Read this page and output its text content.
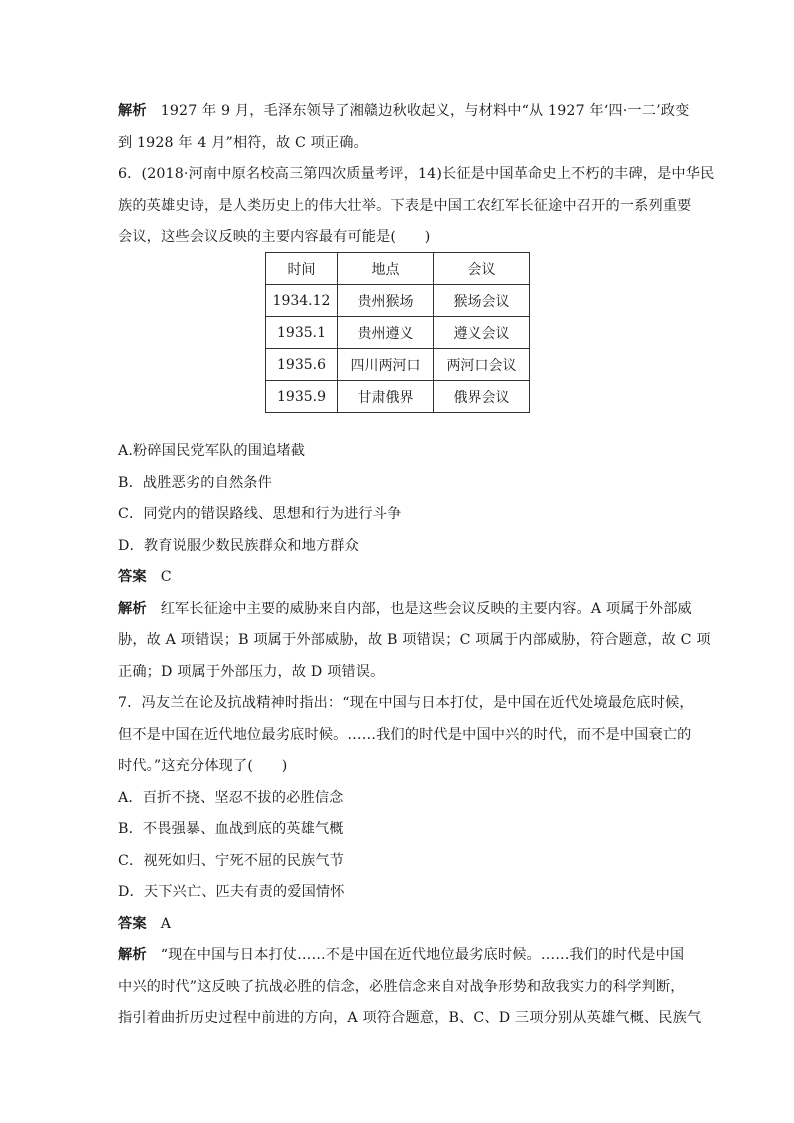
解析 1927 年 9 月，毛泽东领导了湘赣边秋收起义，与材料中“从 1927 年‘四·一二’政变
到 1928 年 4 月”相符，故 C 项正确。
6．(2018·河南中原名校高三第四次质量考评，14)长征是中国革命史上不朽的丰碑，是中华民
族的英雄史诗，是人类历史上的伟大壮举。下表是中国工农红军长征途中召开的一系列重要
会议，这些会议反映的主要内容最有可能是(　　)
时间	地点	会议
1934.12	贵州猴场	猴场会议
1935.1	贵州遵义	遵义会议
1935.6	四川两河口	两河口会议
1935.9	甘肃俄界	俄界会议
A.粉碎国民党军队的围追堵截
B．战胜恶劣的自然条件
C．同党内的错误路线、思想和行为进行斗争
D．教育说服少数民族群众和地方群众
答案 C
解析 红军长征途中主要的威胁来自内部，也是这些会议反映的主要内容。A 项属于外部威
胁，故 A 项错误；B 项属于外部威胁，故 B 项错误；C 项属于内部威胁，符合题意，故 C 项
正确；D 项属于外部压力，故 D 项错误。
7．冯友兰在论及抗战精神时指出：“现在中国与日本打仗，是中国在近代处境最危底时候，
但不是中国在近代地位最劣底时候。……我们的时代是中国中兴的时代，而不是中国衰亡的
时代。”这充分体现了(　　)
A．百折不挠、坚忍不拔的必胜信念
B．不畏强暴、血战到底的英雄气概
C．视死如归、宁死不屈的民族气节
D．天下兴亡、匹夫有责的爱国情怀
答案 A
解析 “现在中国与日本打仗……不是中国在近代地位最劣底时候。……我们的时代是中国
中兴的时代”这反映了抗战必胜的信念，必胜信念来自对战争形势和敌我实力的科学判断，
指引着曲折历史过程中前进的方向，A 项符合题意，B、C、D 三项分别从英雄气概、民族气
